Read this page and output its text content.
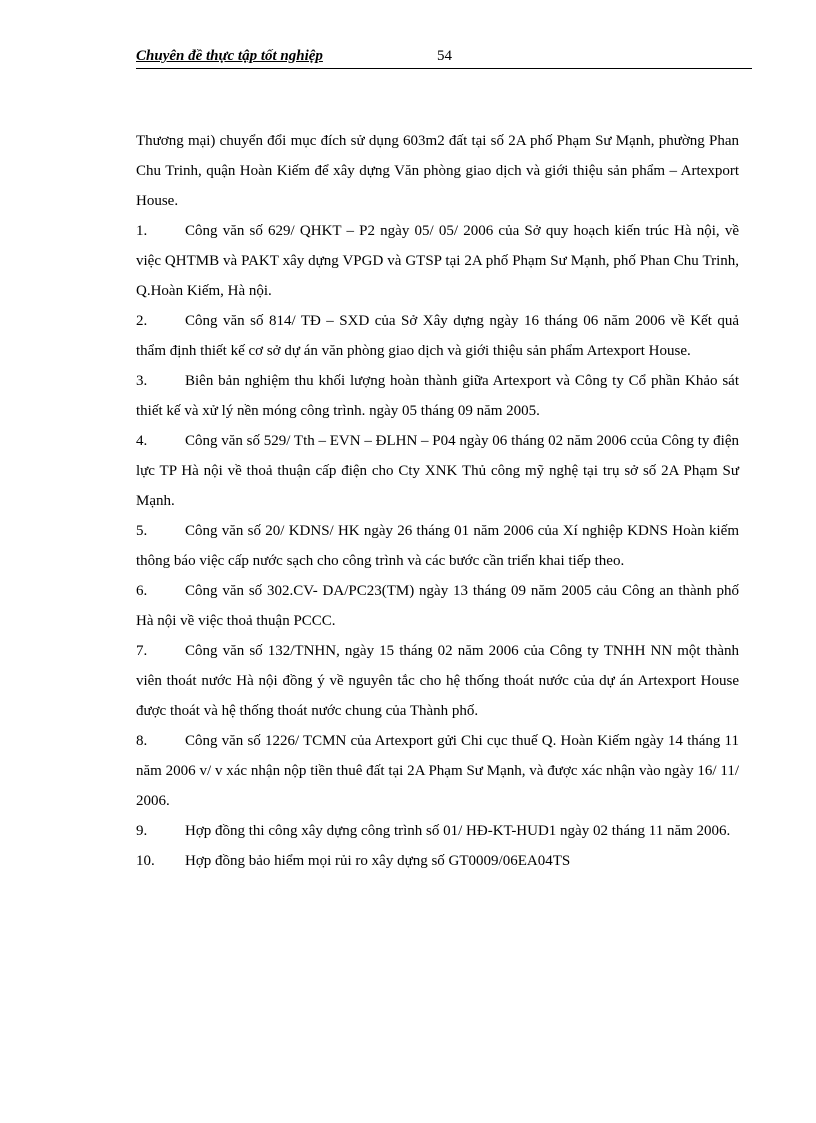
Chuyên đề thực tập tốt nghiệp	54

Thương mại) chuyển đổi mục đích sử dụng 603m2 đất tại số 2A phố Phạm Sư Mạnh, phường Phan Chu Trinh, quận Hoàn Kiếm để xây dựng Văn phòng giao dịch và giới thiệu sản phẩm – Artexport House.

1.	Công văn số 629/ QHKT – P2 ngày 05/ 05/ 2006 của Sở quy hoạch kiến trúc Hà nội, về việc QHTMB và PAKT xây dựng VPGD và GTSP tại 2A phố Phạm Sư Mạnh, phố Phan Chu Trinh, Q.Hoàn Kiếm, Hà nội.

2.	Công văn số 814/ TĐ – SXD của Sở Xây dựng ngày 16 tháng 06 năm 2006 về Kết quả thẩm định thiết kế cơ sở dự án văn phòng giao dịch và giới thiệu sản phẩm Artexport House.

3.	Biên bản nghiệm thu khối lượng hoàn thành giữa Artexport và Công ty Cổ phần Khảo sát thiết kế và xử lý nền móng công trình. ngày 05 tháng 09 năm 2005.

4.	Công văn số 529/ Tth – EVN – ĐLHN – P04 ngày 06 tháng 02 năm 2006 ccủa Công ty điện lực TP Hà nội về thoả thuận cấp điện cho Cty XNK Thủ công mỹ nghệ tại trụ sở số 2A Phạm Sư Mạnh.

5.	Công văn số 20/ KDNS/ HK ngày 26 tháng 01 năm 2006 của Xí nghiệp KDNS Hoàn kiếm thông báo việc cấp nước sạch cho công trình và các bước cần triển khai tiếp theo.

6.	Công văn số 302.CV- DA/PC23(TM) ngày 13 tháng 09 năm 2005 cảu Công an thành phố Hà nội về việc thoả thuận PCCC.

7.	Công văn số 132/TNHN, ngày 15 tháng 02 năm 2006 của Công ty TNHH NN một thành viên thoát nước Hà nội đồng ý về nguyên tắc cho hệ thống thoát nước của dự án Artexport House được thoát và hệ thống thoát nước chung của Thành phố.

8.	Công văn số 1226/ TCMN của Artexport gửi Chi cục thuế Q. Hoàn Kiếm ngày 14 tháng 11 năm 2006 v/ v xác nhận nộp tiền thuê đất tại 2A Phạm Sư Mạnh, và được xác nhận vào ngày 16/ 11/ 2006.

9.	Hợp đồng thi công xây dựng công trình số 01/ HĐ-KT-HUD1 ngày 02 tháng 11 năm 2006.

10. Hợp đồng bảo hiểm mọi rủi ro xây dựng số GT0009/06EA04TS
